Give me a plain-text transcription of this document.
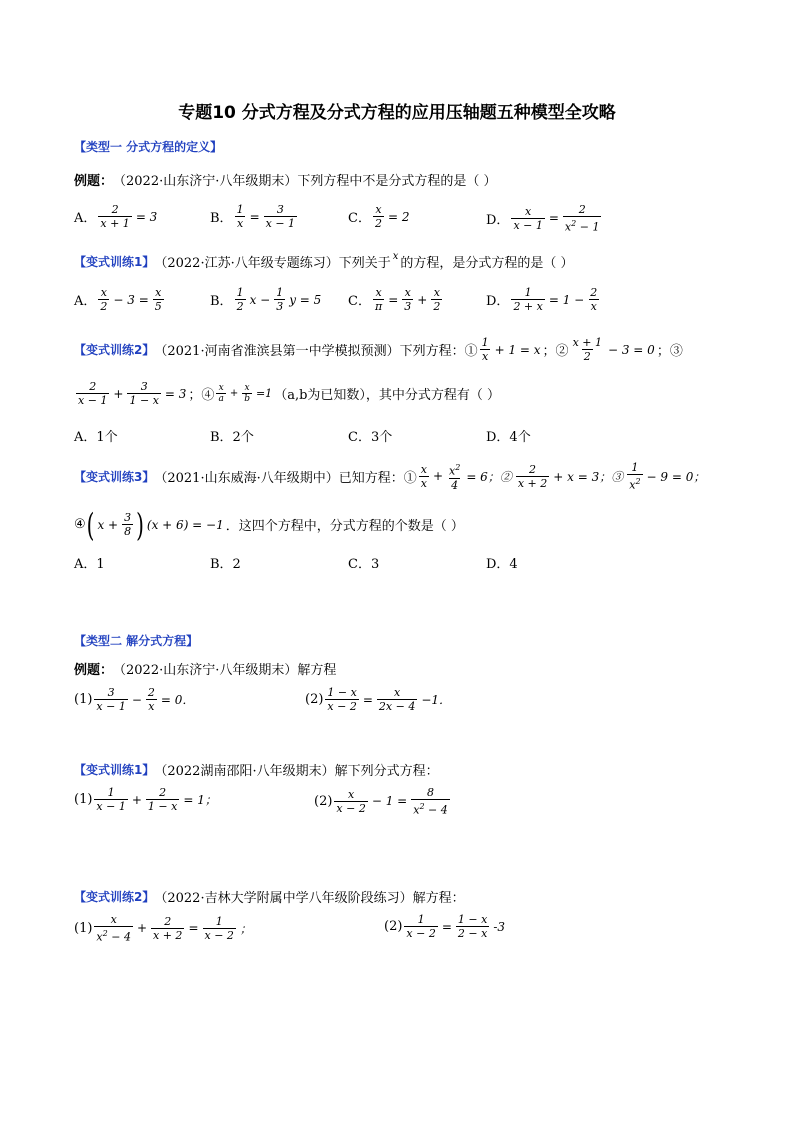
专题10 分式方程及分式方程的应用压轴题五种模型全攻略
【类型一 分式方程的定义】
例题： （2022·山东济宁·八年级期末）下列方程中不是分式方程的是（ ）
A． $\frac{2}{x + 1} = 3$	B． $\frac{1}{x} = \frac{3}{x - 1}$	C． $\frac{x}{2} = 2$	D． $\frac{x}{x - 1} = \frac{2}{x^2 - 1}$
【变式训练1】 （2022·江苏·八年级专题练习）下列关于 x 的方程，是分式方程的是（ ）
A． $\frac{x}{2} - 3 = \frac{x}{5}$	B． $\frac{1}{2}$ $x - \frac{1}{3}$ y = 5 C． $\frac{x}{\pi} = \frac{x}{3} + \frac{x}{2}$	D． $\frac{1}{2 + x} = 1 - \frac{2}{x}$
【变式训练2】 （2021·河南省淮滨县第一中学模拟预测）下列方程：① $\frac{1}{x} + 1 = x$ ；② $\frac{x + 1}{2} - 3 = 0$ ；③
$\frac{2}{x - 1} + \frac{3}{1 - x} = 3$ ；④ $\frac{x}{a} + \frac{x}{b} =1$ （a,b为已知数），其中分式方程有（ ）
A．1个	B．2个	C．3个	D．4个
【变式训练3】 （2021·山东威海·八年级期中）已知方程：① $\frac{x}{x} + \frac{x^2}{4} = 6$；② $\frac{2}{x + 2} + x = 3$；③ $\frac{1}{x^2} - 9 = 0$；
④ ( $x + \frac{3}{8}$ ) (x + 6) = −1 ．这四个方程中，分式方程的个数是（ ）
A．1	B．2	C．3	D．4
【类型二 解分式方程】
例题： （2022·山东济宁·八年级期末）解方程
$(1) \frac{3}{x - 1} - \frac{2}{x} = 0$．	$(2) \frac{1 - x}{x - 2} = \frac{x}{2x - 4} -1$．
【变式训练1】 （2022湖南邵阳·八年级期末）解下列分式方程：
$(1) \frac{1}{x - 1} + \frac{2}{1 - x} = 1$；	$(2) \frac{x}{x - 2} - 1 = \frac{8}{x^2 - 4}$
【变式训练2】 （2022·吉林大学附属中学八年级阶段练习）解方程：
$(1) \frac{x}{x^2 - 4} + \frac{2}{x + 2} = \frac{1}{x - 2}$ ；	$(2) \frac{1}{x - 2} = \frac{1 - x}{2 - x} -3$
